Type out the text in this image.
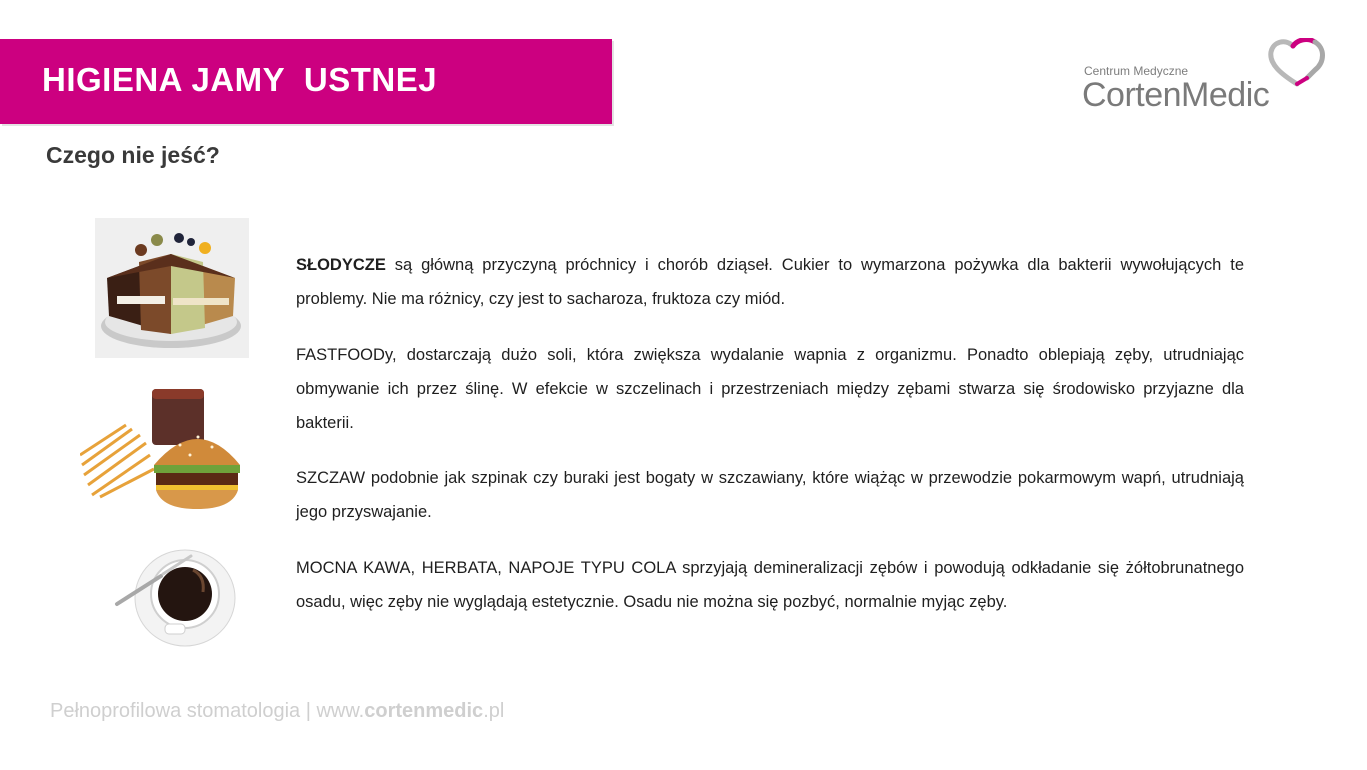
HIGIENA JAMY  USTNEJ	Centrum Medyczne
CortenMedic
Czego nie jeść?
SŁODYCZE są główną przyczyną próchnicy i chorób dziąseł. Cukier to wymarzona pożywka dla bakterii wywołujących te problemy. Nie ma różnicy, czy jest to sacharoza, fruktoza czy miód.
FASTFOODy, dostarczają dużo soli, która zwiększa wydalanie wapnia z organizmu. Ponadto oblepiają zęby, utrudniając obmywanie ich przez ślinę. W efekcie w szczelinach i przestrzeniach między zębami stwarza się środowisko przyjazne dla bakterii.
SZCZAW podobnie jak szpinak czy buraki jest bogaty w szczawiany, które wiążąc w przewodzie pokarmowym wapń, utrudniają jego przyswajanie.
MOCNA KAWA, HERBATA, NAPOJE TYPU COLA sprzyjają demineralizacji zębów i powodują odkładanie się żółtobrunatnego osadu, więc zęby nie wyglądają estetycznie. Osadu nie można się pozbyć, normalnie myjąc zęby.
Pełnoprofilowa stomatologia | www.cortenmedic.pl
